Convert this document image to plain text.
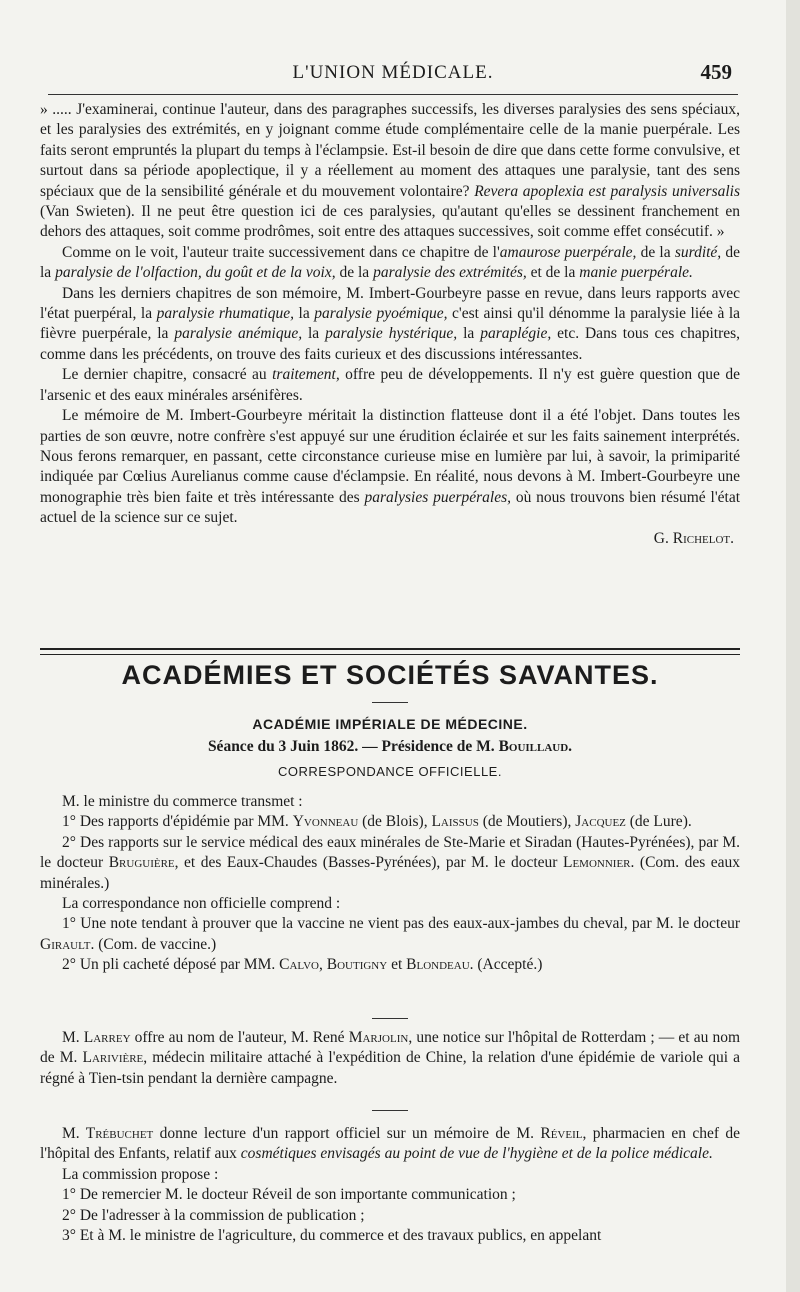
L'UNION MÉDICALE.	459

» ..... J'examinerai, continue l'auteur, dans des paragraphes successifs, les diverses paralysies des sens spéciaux, et les paralysies des extrémités, en y joignant comme étude complémentaire celle de la manie puerpérale. Les faits seront empruntés la plupart du temps à l'éclampsie. Est-il besoin de dire que dans cette forme convulsive, et surtout dans sa période apoplectique, il y a réellement au moment des attaques une paralysie, tant des sens spéciaux que de la sensibilité générale et du mouvement volontaire? Revera apoplexia est paralysis universalis (Van Swieten). Il ne peut être question ici de ces paralysies, qu'autant qu'elles se dessinent franchement en dehors des attaques, soit comme prodrômes, soit entre des attaques successives, soit comme effet consécutif. »

Comme on le voit, l'auteur traite successivement dans ce chapitre de l'amaurose puerpérale, de la surdité, de la paralysie de l'olfaction, du goût et de la voix, de la paralysie des extrémités, et de la manie puerpérale.

Dans les derniers chapitres de son mémoire, M. Imbert-Gourbeyre passe en revue, dans leurs rapports avec l'état puerpéral, la paralysie rhumatique, la paralysie pyoémique, c'est ainsi qu'il dénomme la paralysie liée à la fièvre puerpérale, la paralysie anémique, la paralysie hystérique, la paraplégie, etc. Dans tous ces chapitres, comme dans les précédents, on trouve des faits curieux et des discussions intéressantes.

Le dernier chapitre, consacré au traitement, offre peu de développements. Il n'y est guère question que de l'arsenic et des eaux minérales arsénifères.

Le mémoire de M. Imbert-Gourbeyre méritait la distinction flatteuse dont il a été l'objet. Dans toutes les parties de son œuvre, notre confrère s'est appuyé sur une érudition éclairée et sur les faits sainement interprétés. Nous ferons remarquer, en passant, cette circonstance curieuse mise en lumière par lui, à savoir, la primiparité indiquée par Cœlius Aurelianus comme cause d'éclampsie. En réalité, nous devons à M. Imbert-Gourbeyre une monographie très bien faite et très intéressante des paralysies puerpérales, où nous trouvons bien résumé l'état actuel de la science sur ce sujet.

G. Richelot.

ACADÉMIES ET SOCIÉTÉS SAVANTES.
ACADÉMIE IMPÉRIALE DE MÉDECINE.
Séance du 3 Juin 1862. — Présidence de M. Bouillaud.
CORRESPONDANCE OFFICIELLE.

M. le ministre du commerce transmet :

1° Des rapports d'épidémie par MM. Yvonneau (de Blois), Laissus (de Moutiers), Jacquez (de Lure).

2° Des rapports sur le service médical des eaux minérales de Ste-Marie et Siradan (Hautes-Pyrénées), par M. le docteur Bruguière, et des Eaux-Chaudes (Basses-Pyrénées), par M. le docteur Lemonnier. (Com. des eaux minérales.)

La correspondance non officielle comprend :

1° Une note tendant à prouver que la vaccine ne vient pas des eaux-aux-jambes du cheval, par M. le docteur Girault. (Com. de vaccine.)

2° Un pli cacheté déposé par MM. Calvo, Boutigny et Blondeau. (Accepté.)

M. Larrey offre au nom de l'auteur, M. René Marjolin, une notice sur l'hôpital de Rotterdam ; — et au nom de M. Larivière, médecin militaire attaché à l'expédition de Chine, la relation d'une épidémie de variole qui a régné à Tien-tsin pendant la dernière campagne.

M. Trébuchet donne lecture d'un rapport officiel sur un mémoire de M. Réveil, pharmacien en chef de l'hôpital des Enfants, relatif aux cosmétiques envisagés au point de vue de l'hygiène et de la police médicale.

La commission propose :

1° De remercier M. le docteur Réveil de son importante communication ;

2° De l'adresser à la commission de publication ;

3° Et à M. le ministre de l'agriculture, du commerce et des travaux publics, en appelant
